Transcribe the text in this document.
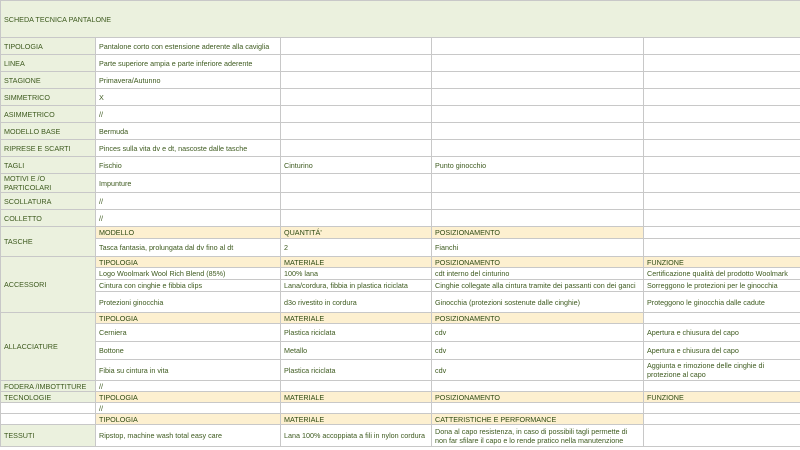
SCHEDA TECNICA PANTALONE				
TIPOLOGIA	Pantalone corto con estensione aderente alla caviglia			
LINEA	Parte superiore ampia e parte inferiore aderente			
STAGIONE	Primavera/Autunno			
SIMMETRICO	X			
ASIMMETRICO	//			
MODELLO BASE	Bermuda			
RIPRESE E SCARTI	Pinces sulla vita dv e dt, nascoste dalle tasche			
TAGLI	Fischio	Cinturino	Punto ginocchio	
MOTIVI E /O PARTICOLARI	Impunture			
SCOLLATURA	//			
COLLETTO	//			
TASCHE	MODELLO	QUANTITÁ'	POSIZIONAMENTO	
	Tasca fantasia, prolungata dal dv fino al dt	2	Fianchi	
ACCESSORI	TIPOLOGIA	MATERIALE	POSIZIONAMENTO	FUNZIONE
	Logo Woolmark Wool Rich Blend (85%)	100% lana	cdt interno del cinturino	Certificazione qualità del prodotto Woolmark
	Cintura con cinghie e fibbia clips	Lana/cordura, fibbia in plastica riciclata	Cinghie collegate alla cintura tramite dei passanti con dei ganci	Sorreggono le protezioni per le ginocchia
	Protezioni ginocchia	d3o rivestito in cordura	Ginocchia (protezioni sostenute dalle cinghie)	Proteggono le ginocchia dalle cadute
ALLACCIATURE	TIPOLOGIA	MATERIALE	POSIZIONAMENTO	
	Cerniera	Plastica riciclata	cdv	Apertura e chiusura del capo
	Bottone	Metallo	cdv	Apertura e chiusura del capo
	Fibia su cintura in vita	Plastica riciclata	cdv	Aggiunta e rimozione delle cinghie di protezione al capo
FODERA /IMBOTTITURE	//			
TECNOLOGIE	TIPOLOGIA	MATERIALE	POSIZIONAMENTO	FUNZIONE
	//			
	TIPOLOGIA	MATERIALE	CATTERISTICHE E PERFORMANCE	
TESSUTI	Ripstop, machine wash total easy care	Lana 100% accoppiata a fili in nylon cordura	Dona al capo resistenza, in caso di possibili tagli permette di non far sfilare il capo e lo rende pratico nella manutenzione	
